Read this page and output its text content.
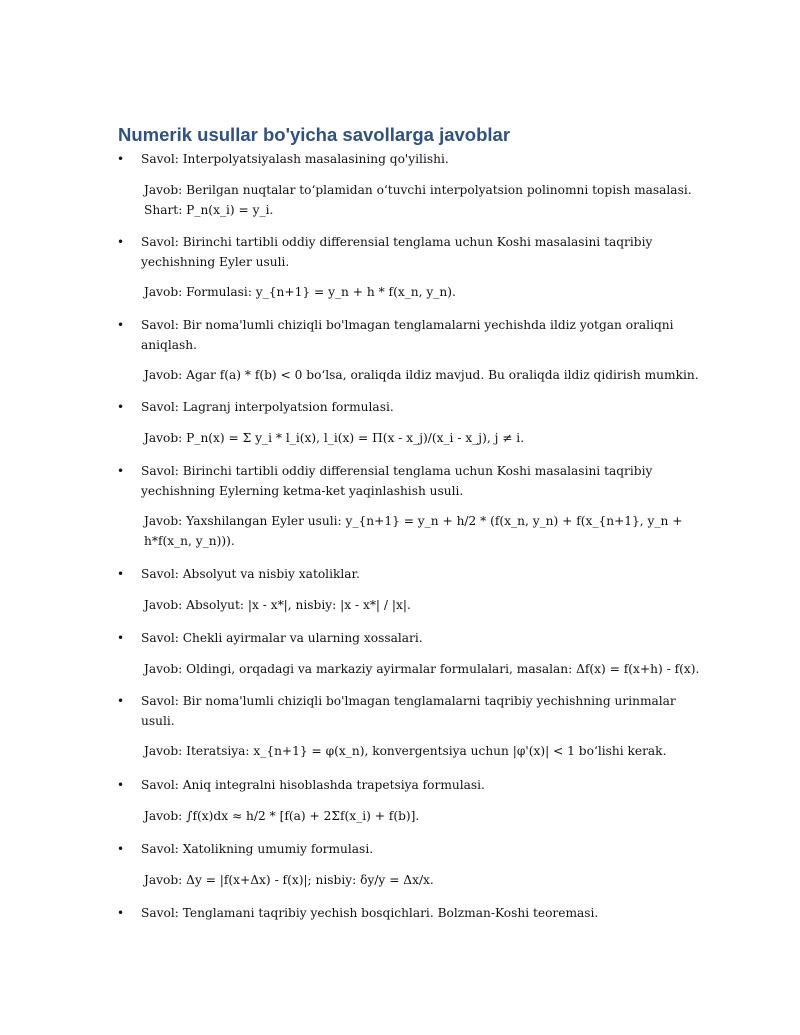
Numerik usullar bo'yicha savollarga javoblar
• Savol: Interpolyatsiyalash masalasining qo'yilishi.
Javob: Berilgan nuqtalar to‘plamidan o‘tuvchi interpolyatsion polinomni topish masalasi.
Shart: P_n(x_i) = y_i.
• Savol: Birinchi tartibli oddiy differensial tenglama uchun Koshi masalasini taqribiy
yechishning Eyler usuli.
Javob: Formulasi: y_{n+1} = y_n + h * f(x_n, y_n).
• Savol: Bir noma'lumli chiziqli bo'lmagan tenglamalarni yechishda ildiz yotgan oraliqni
aniqlash.
Javob: Agar f(a) * f(b) < 0 bo‘lsa, oraliqda ildiz mavjud. Bu oraliqda ildiz qidirish mumkin.
• Savol: Lagranj interpolyatsion formulasi.
Javob: P_n(x) = Σ y_i * l_i(x), l_i(x) = Π(x - x_j)/(x_i - x_j), j ≠ i.
• Savol: Birinchi tartibli oddiy differensial tenglama uchun Koshi masalasini taqribiy
yechishning Eylerning ketma-ket yaqinlashish usuli.
Javob: Yaxshilangan Eyler usuli: y_{n+1} = y_n + h/2 * (f(x_n, y_n) + f(x_{n+1}, y_n +
h*f(x_n, y_n))).
• Savol: Absolyut va nisbiy xatoliklar.
Javob: Absolyut: |x - x*|, nisbiy: |x - x*| / |x|.
• Savol: Chekli ayirmalar va ularning xossalari.
Javob: Oldingi, orqadagi va markaziy ayirmalar formulalari, masalan: Δf(x) = f(x+h) - f(x).
• Savol: Bir noma'lumli chiziqli bo'lmagan tenglamalarni taqribiy yechishning urinmalar
usuli.
Javob: Iteratsiya: x_{n+1} = φ(x_n), konvergentsiya uchun |φ'(x)| < 1 bo‘lishi kerak.
• Savol: Aniq integralni hisoblashda trapetsiya formulasi.
Javob: ∫f(x)dx ≈ h/2 * [f(a) + 2Σf(x_i) + f(b)].
• Savol: Xatolikning umumiy formulasi.
Javob: Δy = |f(x+Δx) - f(x)|; nisbiy: δy/y = Δx/x.
• Savol: Tenglamani taqribiy yechish bosqichlari. Bolzman-Koshi teoremasi.
